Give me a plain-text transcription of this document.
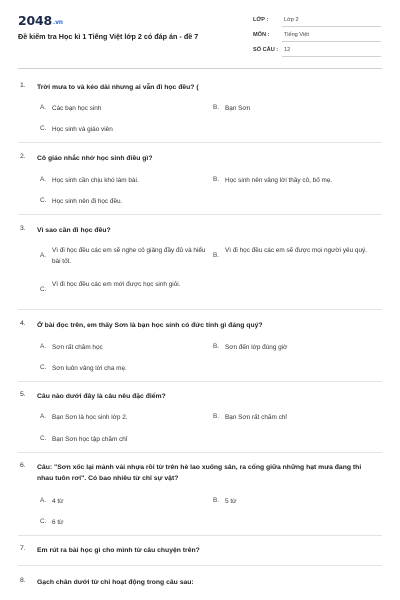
2048.vn
Đề kiểm tra Học kì 1 Tiếng Việt lớp 2 có đáp án - đề 7
LỚP :	Lớp 2
MÔN :	Tiếng Việt
SỐ CÂU : 12
1. Trời mưa to và kéo dài nhưng ai vẫn đi học đều? (
A. Các bạn học sinh	B. Bạn Sơn
C. Học sinh và giáo viên
2. Cô giáo nhắc nhở học sinh điều gì?
A. Học sinh cần chịu khó làm bài.	B. Học sinh nên vâng lời thầy cô, bố mẹ.
C. Học sinh nên đi học đều.
3. Vì sao cần đi học đều?
A.
Vì đi học đều các em sẽ nghe cô giảng đầy đủ và hiểu bài tốt.
B.
Vì đi học đều các em sẽ được mọi người yêu quý.
C.
Vì đi học đều các em mới được học sinh giỏi.
4. Ở bài đọc trên, em thấy Sơn là bạn học sinh có đức tính gì đáng quý?
A. Sơn rất chăm học	B. Sơn đến lớp đúng giờ
C. Sơn luôn vâng lời cha mẹ.
5. Câu nào dưới đây là câu nêu đặc điểm?
A. Bạn Sơn là học sinh lớp 2.	B. Bạn Sơn rất chăm chỉ
C. Bạn Sơn học tập chăm chỉ
6. Câu: "Sơn xốc lại mảnh vải nhựa rồi từ trên hè lao xuống sân, ra cổng giữa những hạt mưa đang thi nhau tuôn rơi". Có bao nhiêu từ chỉ sự vật?
A. 4 từ	B. 5 từ
C. 6 từ
7. Em rút ra bài học gì cho mình từ câu chuyện trên?
8. Gạch chân dưới từ chỉ hoạt động trong câu sau:
